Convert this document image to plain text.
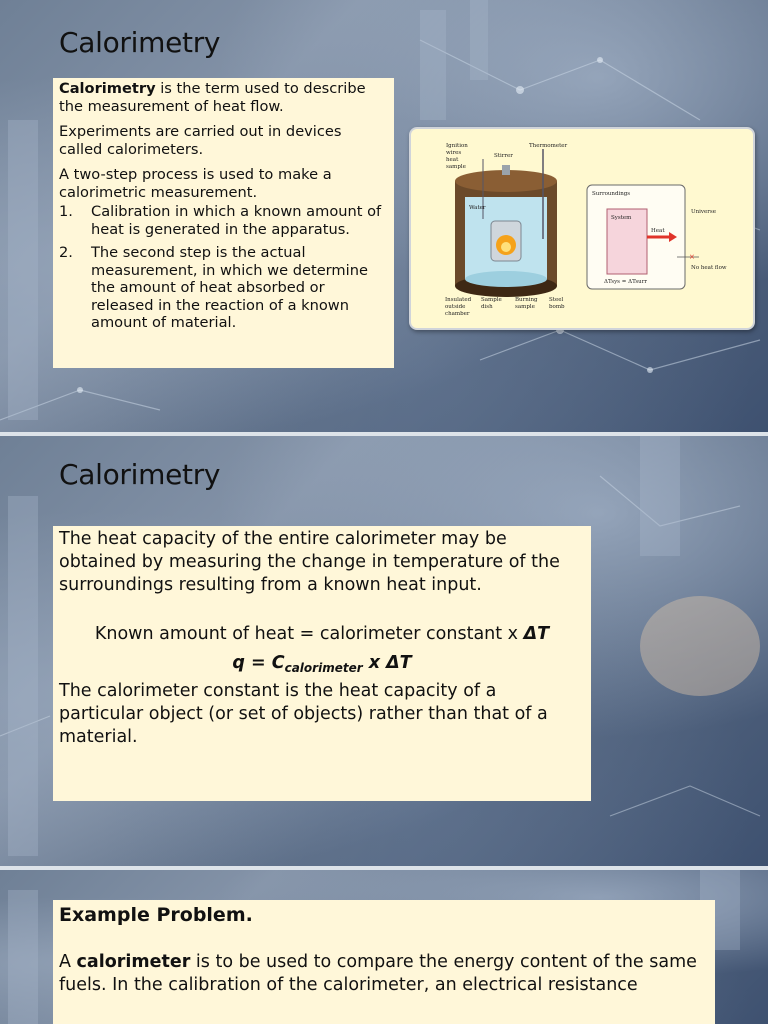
Calorimetry

Calorimetry is the term used to describe the measurement of heat flow.

Experiments are carried out in devices called calorimeters.

A two-step process is used to make a calorimetric measurement.

1. Calibration in which a known amount of heat is generated in the apparatus.
2. The second step is the actual measurement, in which we determine the amount of heat absorbed or released in the reaction of a known amount of material.
Ignition
wires
heat
sample
Thermometer
Stirrer
Water
Insulated
outside
chamber
Sample
dish
Burning
sample
Steel
bomb
Surroundings
System
Heat
ΔTsys = ΔTsurr
Universe
×
No heat flow
Calorimetry

The heat capacity of the entire calorimeter may be obtained by measuring the change in temperature of the surroundings resulting from a known heat input.

Known amount of heat = calorimeter constant x ΔT

$q = C_{calorimeter}$ x ΔT

The calorimeter constant is the heat capacity of a particular object (or set of objects) rather than that of a material.

Example Problem.

A calorimeter is to be used to compare the energy content of the same fuels. In the calibration of the calorimeter, an electrical resistance
